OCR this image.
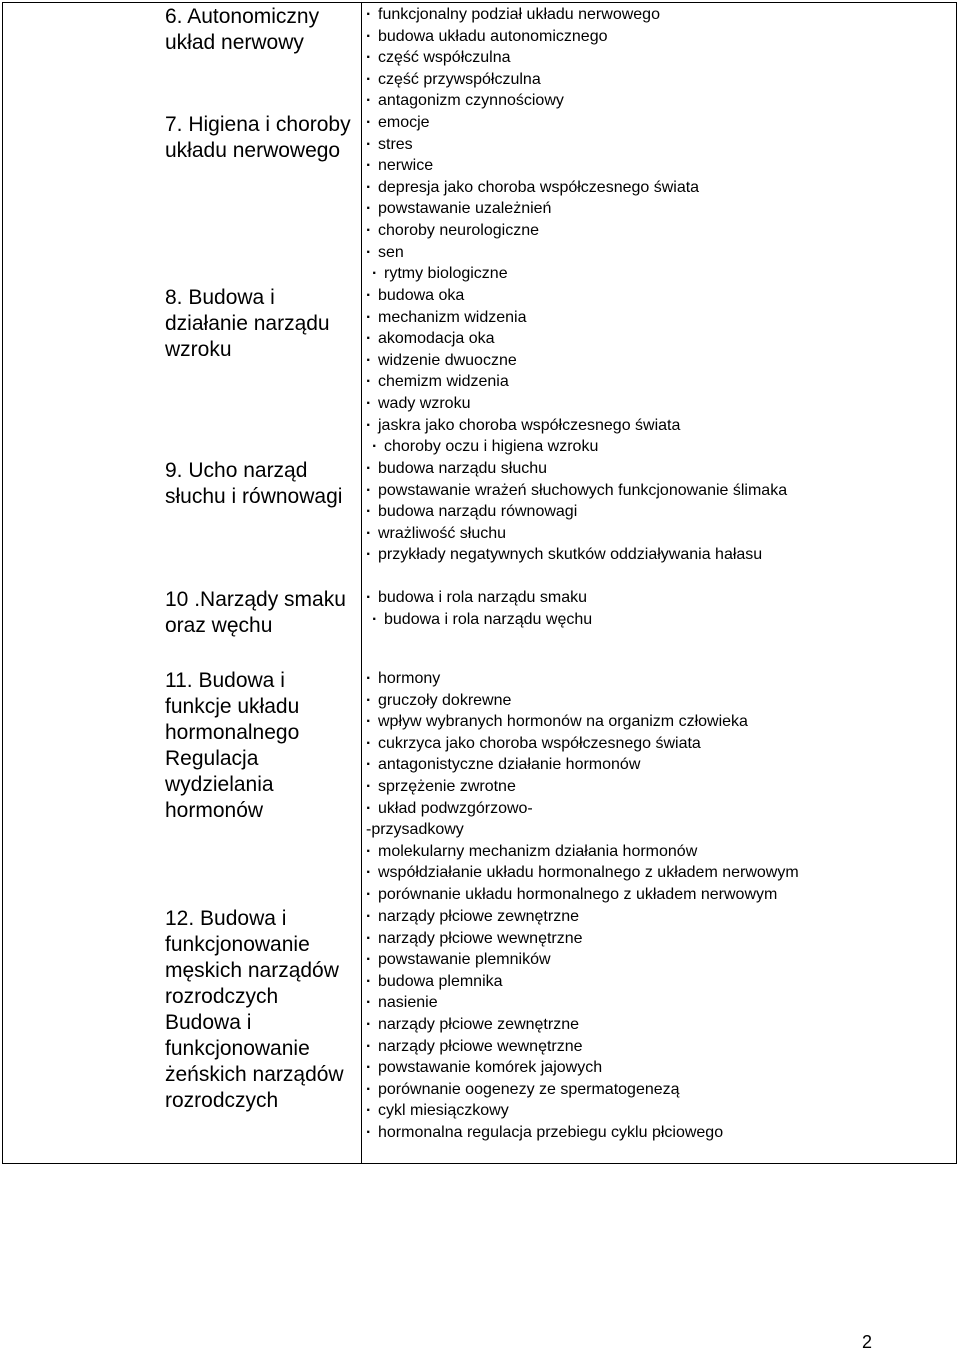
6. Autonomiczny układ nerwowy

·funkcjonalny podział układu nerwowego
·budowa układu autonomicznego
·część współczulna
·część przywspółczulna
·antagonizm czynnościowy

7. Higiena i choroby układu nerwowego

·emocje
·stres
·nerwice
·depresja jako choroba współczesnego świata
·powstawanie uzależnień
·choroby neurologiczne
·sen
·rytmy biologiczne

8. Budowa i działanie narządu wzroku

·budowa oka
·mechanizm widzenia
·akomodacja oka
·widzenie dwuoczne
·chemizm widzenia
·wady wzroku
·jaskra jako choroba współczesnego świata
·choroby oczu i higiena wzroku

9. Ucho narząd słuchu i równowagi

·budowa narządu słuchu
·powstawanie wrażeń słuchowych funkcjonowanie ślimaka
·budowa narządu równowagi
·wrażliwość słuchu
·przykłady negatywnych skutków oddziaływania hałasu

10 .Narządy smaku oraz węchu

·budowa i rola narządu smaku
·budowa i rola narządu węchu

11. Budowa i funkcje układu hormonalnego Regulacja wydzielania hormonów

·hormony
·gruczoły dokrewne
·wpływ wybranych hormonów na organizm człowieka
·cukrzyca jako choroba współczesnego świata
·antagonistyczne działanie hormonów
·sprzężenie zwrotne
·układ podwzgórzowo-
-przysadkowy
·molekularny mechanizm działania hormonów
·współdziałanie układu hormonalnego z układem nerwowym
·porównanie układu hormonalnego z układem nerwowym

12. Budowa i funkcjonowanie męskich narządów rozrodczych Budowa i funkcjonowanie żeńskich narządów rozrodczych

·narządy płciowe zewnętrzne
·narządy płciowe wewnętrzne
·powstawanie plemników
·budowa plemnika
·nasienie
·narządy płciowe zewnętrzne
·narządy płciowe wewnętrzne
·powstawanie komórek jajowych
·porównanie oogenezy ze spermatogenezą
·cykl miesiączkowy
·hormonalna regulacja przebiegu cyklu płciowego
2
